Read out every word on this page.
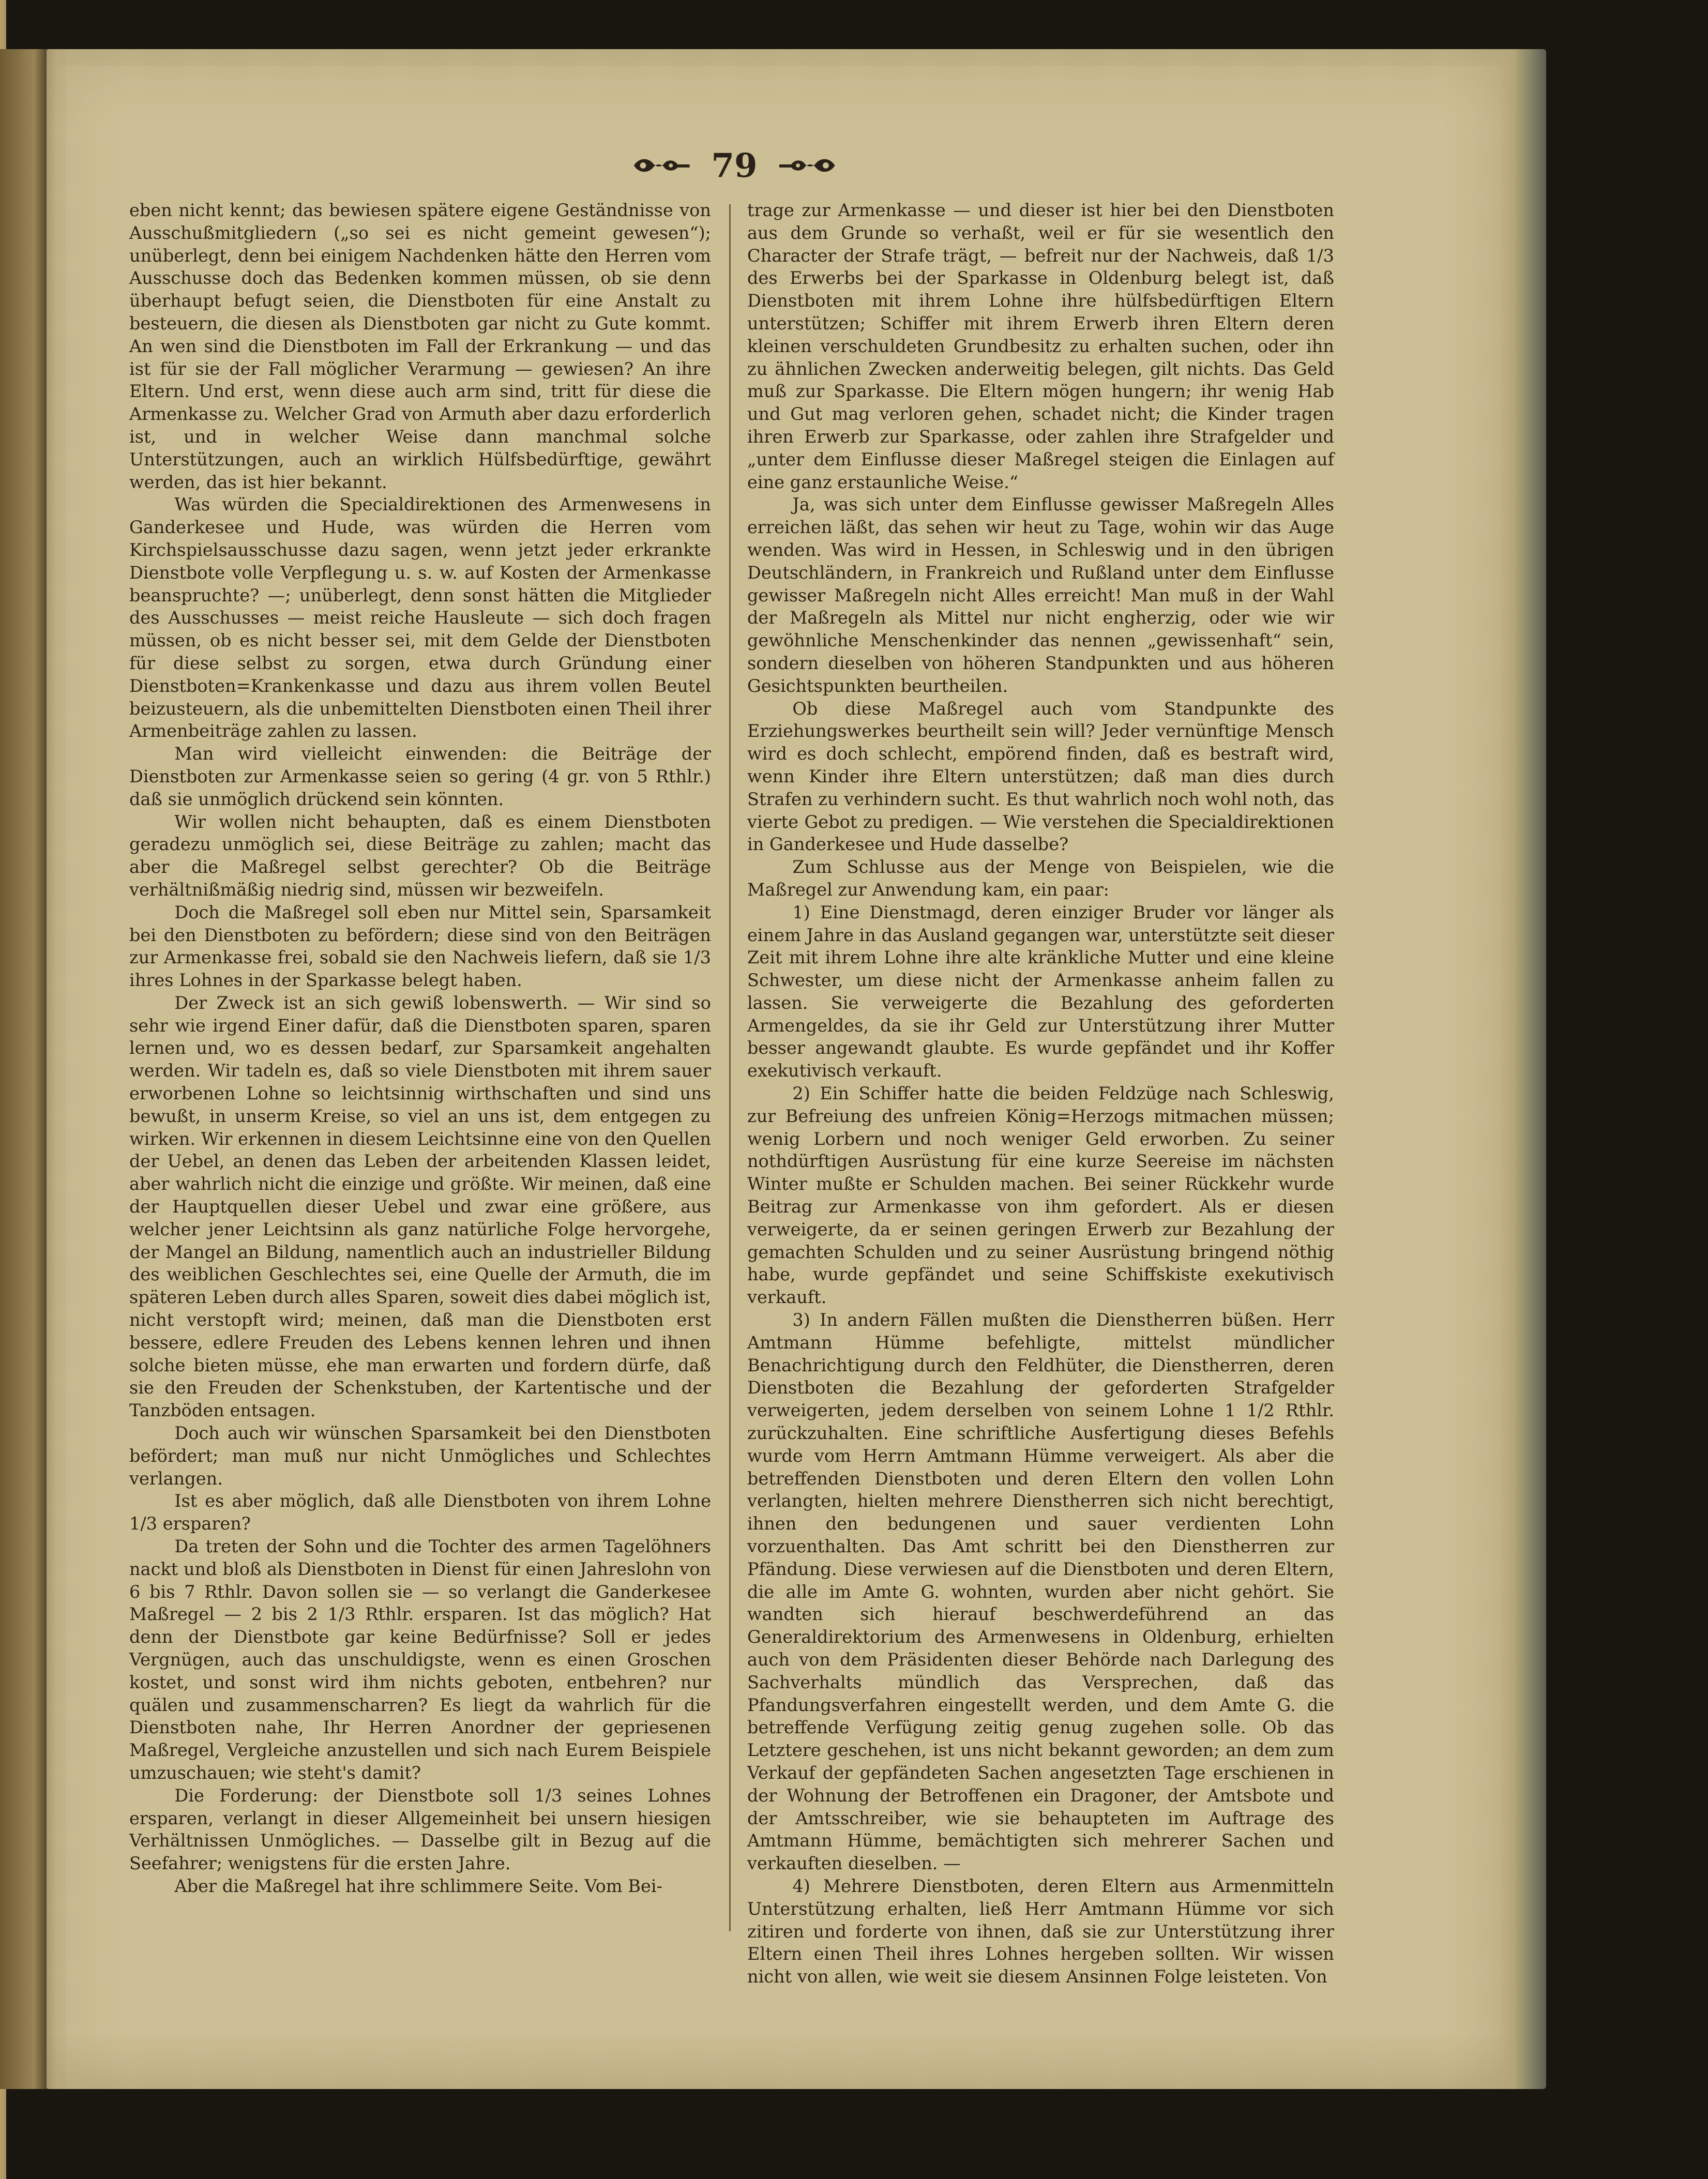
79

eben nicht kennt; das bewiesen spätere eigene Geständnisse von Ausschußmitgliedern („so sei es nicht gemeint gewesen“); unüberlegt, denn bei einigem Nachdenken hätte den Herren vom Ausschusse doch das Bedenken kommen müssen, ob sie denn überhaupt befugt seien, die Dienstboten für eine Anstalt zu besteuern, die diesen als Dienstboten gar nicht zu Gute kommt. An wen sind die Dienstboten im Fall der Erkrankung — und das ist für sie der Fall möglicher Verarmung — gewiesen? An ihre Eltern. Und erst, wenn diese auch arm sind, tritt für diese die Armenkasse zu. Welcher Grad von Armuth aber dazu erforderlich ist, und in welcher Weise dann manchmal solche Unterstützungen, auch an wirklich Hülfsbedürftige, gewährt werden, das ist hier bekannt.

Was würden die Specialdirektionen des Armenwesens in Ganderkesee und Hude, was würden die Herren vom Kirchspielsausschusse dazu sagen, wenn jetzt jeder erkrankte Dienstbote volle Verpflegung u. s. w. auf Kosten der Armenkasse beanspruchte? —; unüberlegt, denn sonst hätten die Mitglieder des Ausschusses — meist reiche Hausleute — sich doch fragen müssen, ob es nicht besser sei, mit dem Gelde der Dienstboten für diese selbst zu sorgen, etwa durch Gründung einer Dienstboten=Krankenkasse und dazu aus ihrem vollen Beutel beizusteuern, als die unbemittelten Dienstboten einen Theil ihrer Armenbeiträge zahlen zu lassen.

Man wird vielleicht einwenden: die Beiträge der Dienstboten zur Armenkasse seien so gering (4 gr. von 5 Rthlr.) daß sie unmöglich drückend sein könnten.

Wir wollen nicht behaupten, daß es einem Dienstboten geradezu unmöglich sei, diese Beiträge zu zahlen; macht das aber die Maßregel selbst gerechter? Ob die Beiträge verhältnißmäßig niedrig sind, müssen wir bezweifeln.

Doch die Maßregel soll eben nur Mittel sein, Sparsamkeit bei den Dienstboten zu befördern; diese sind von den Beiträgen zur Armenkasse frei, sobald sie den Nachweis liefern, daß sie 1/3 ihres Lohnes in der Sparkasse belegt haben.

Der Zweck ist an sich gewiß lobenswerth. — Wir sind so sehr wie irgend Einer dafür, daß die Dienstboten sparen, sparen lernen und, wo es dessen bedarf, zur Sparsamkeit angehalten werden. Wir tadeln es, daß so viele Dienstboten mit ihrem sauer erworbenen Lohne so leichtsinnig wirthschaften und sind uns bewußt, in unserm Kreise, so viel an uns ist, dem entgegen zu wirken. Wir erkennen in diesem Leichtsinne eine von den Quellen der Uebel, an denen das Leben der arbeitenden Klassen leidet, aber wahrlich nicht die einzige und größte. Wir meinen, daß eine der Hauptquellen dieser Uebel und zwar eine größere, aus welcher jener Leichtsinn als ganz natürliche Folge hervorgehe, der Mangel an Bildung, namentlich auch an industrieller Bildung des weiblichen Geschlechtes sei, eine Quelle der Armuth, die im späteren Leben durch alles Sparen, soweit dies dabei möglich ist, nicht verstopft wird; meinen, daß man die Dienstboten erst bessere, edlere Freuden des Lebens kennen lehren und ihnen solche bieten müsse, ehe man erwarten und fordern dürfe, daß sie den Freuden der Schenkstuben, der Kartentische und der Tanzböden entsagen.

Doch auch wir wünschen Sparsamkeit bei den Dienstboten befördert; man muß nur nicht Unmögliches und Schlechtes verlangen.

Ist es aber möglich, daß alle Dienstboten von ihrem Lohne 1/3 ersparen?

Da treten der Sohn und die Tochter des armen Tagelöhners nackt und bloß als Dienstboten in Dienst für einen Jahreslohn von 6 bis 7 Rthlr. Davon sollen sie — so verlangt die Ganderkesee Maßregel — 2 bis 2 1/3 Rthlr. ersparen. Ist das möglich? Hat denn der Dienstbote gar keine Bedürfnisse? Soll er jedes Vergnügen, auch das unschuldigste, wenn es einen Groschen kostet, und sonst wird ihm nichts geboten, entbehren? nur quälen und zusammenscharren? Es liegt da wahrlich für die Dienstboten nahe, Ihr Herren Anordner der gepriesenen Maßregel, Vergleiche anzustellen und sich nach Eurem Beispiele umzuschauen; wie steht's damit?

Die Forderung: der Dienstbote soll 1/3 seines Lohnes ersparen, verlangt in dieser Allgemeinheit bei unsern hiesigen Verhältnissen Unmögliches. — Dasselbe gilt in Bezug auf die Seefahrer; wenigstens für die ersten Jahre.

Aber die Maßregel hat ihre schlimmere Seite. Vom Bei-

trage zur Armenkasse — und dieser ist hier bei den Dienstboten aus dem Grunde so verhaßt, weil er für sie wesentlich den Character der Strafe trägt, — befreit nur der Nachweis, daß 1/3 des Erwerbs bei der Sparkasse in Oldenburg belegt ist, daß Dienstboten mit ihrem Lohne ihre hülfsbedürftigen Eltern unterstützen; Schiffer mit ihrem Erwerb ihren Eltern deren kleinen verschuldeten Grundbesitz zu erhalten suchen, oder ihn zu ähnlichen Zwecken anderweitig belegen, gilt nichts. Das Geld muß zur Sparkasse. Die Eltern mögen hungern; ihr wenig Hab und Gut mag verloren gehen, schadet nicht; die Kinder tragen ihren Erwerb zur Sparkasse, oder zahlen ihre Strafgelder und „unter dem Einflusse dieser Maßregel steigen die Einlagen auf eine ganz erstaunliche Weise.“

Ja, was sich unter dem Einflusse gewisser Maßregeln Alles erreichen läßt, das sehen wir heut zu Tage, wohin wir das Auge wenden. Was wird in Hessen, in Schleswig und in den übrigen Deutschländern, in Frankreich und Rußland unter dem Einflusse gewisser Maßregeln nicht Alles erreicht! Man muß in der Wahl der Maßregeln als Mittel nur nicht engherzig, oder wie wir gewöhnliche Menschenkinder das nennen „gewissenhaft“ sein, sondern dieselben von höheren Standpunkten und aus höheren Gesichtspunkten beurtheilen.

Ob diese Maßregel auch vom Standpunkte des Erziehungswerkes beurtheilt sein will? Jeder vernünftige Mensch wird es doch schlecht, empörend finden, daß es bestraft wird, wenn Kinder ihre Eltern unterstützen; daß man dies durch Strafen zu verhindern sucht. Es thut wahrlich noch wohl noth, das vierte Gebot zu predigen. — Wie verstehen die Specialdirektionen in Ganderkesee und Hude dasselbe?

Zum Schlusse aus der Menge von Beispielen, wie die Maßregel zur Anwendung kam, ein paar:

1) Eine Dienstmagd, deren einziger Bruder vor länger als einem Jahre in das Ausland gegangen war, unterstützte seit dieser Zeit mit ihrem Lohne ihre alte kränkliche Mutter und eine kleine Schwester, um diese nicht der Armenkasse anheim fallen zu lassen. Sie verweigerte die Bezahlung des geforderten Armengeldes, da sie ihr Geld zur Unterstützung ihrer Mutter besser angewandt glaubte. Es wurde gepfändet und ihr Koffer exekutivisch verkauft.

2) Ein Schiffer hatte die beiden Feldzüge nach Schleswig, zur Befreiung des unfreien König=Herzogs mitmachen müssen; wenig Lorbern und noch weniger Geld erworben. Zu seiner nothdürftigen Ausrüstung für eine kurze Seereise im nächsten Winter mußte er Schulden machen. Bei seiner Rückkehr wurde Beitrag zur Armenkasse von ihm gefordert. Als er diesen verweigerte, da er seinen geringen Erwerb zur Bezahlung der gemachten Schulden und zu seiner Ausrüstung bringend nöthig habe, wurde gepfändet und seine Schiffskiste exekutivisch verkauft.

3) In andern Fällen mußten die Dienstherren büßen. Herr Amtmann Hümme befehligte, mittelst mündlicher Benachrichtigung durch den Feldhüter, die Dienstherren, deren Dienstboten die Bezahlung der geforderten Strafgelder verweigerten, jedem derselben von seinem Lohne 1 1/2 Rthlr. zurückzuhalten. Eine schriftliche Ausfertigung dieses Befehls wurde vom Herrn Amtmann Hümme verweigert. Als aber die betreffenden Dienstboten und deren Eltern den vollen Lohn verlangten, hielten mehrere Dienstherren sich nicht berechtigt, ihnen den bedungenen und sauer verdienten Lohn vorzuenthalten. Das Amt schritt bei den Dienstherren zur Pfändung. Diese verwiesen auf die Dienstboten und deren Eltern, die alle im Amte G. wohnten, wurden aber nicht gehört. Sie wandten sich hierauf beschwerdeführend an das Generaldirektorium des Armenwesens in Oldenburg, erhielten auch von dem Präsidenten dieser Behörde nach Darlegung des Sachverhalts mündlich das Versprechen, daß das Pfandungsverfahren eingestellt werden, und dem Amte G. die betreffende Verfügung zeitig genug zugehen solle. Ob das Letztere geschehen, ist uns nicht bekannt geworden; an dem zum Verkauf der gepfändeten Sachen angesetzten Tage erschienen in der Wohnung der Betroffenen ein Dragoner, der Amtsbote und der Amtsschreiber, wie sie behaupteten im Auftrage des Amtmann Hümme, bemächtigten sich mehrerer Sachen und verkauften dieselben. —

4) Mehrere Dienstboten, deren Eltern aus Armenmitteln Unterstützung erhalten, ließ Herr Amtmann Hümme vor sich zitiren und forderte von ihnen, daß sie zur Unterstützung ihrer Eltern einen Theil ihres Lohnes hergeben sollten. Wir wissen nicht von allen, wie weit sie diesem Ansinnen Folge leisteten. Von
